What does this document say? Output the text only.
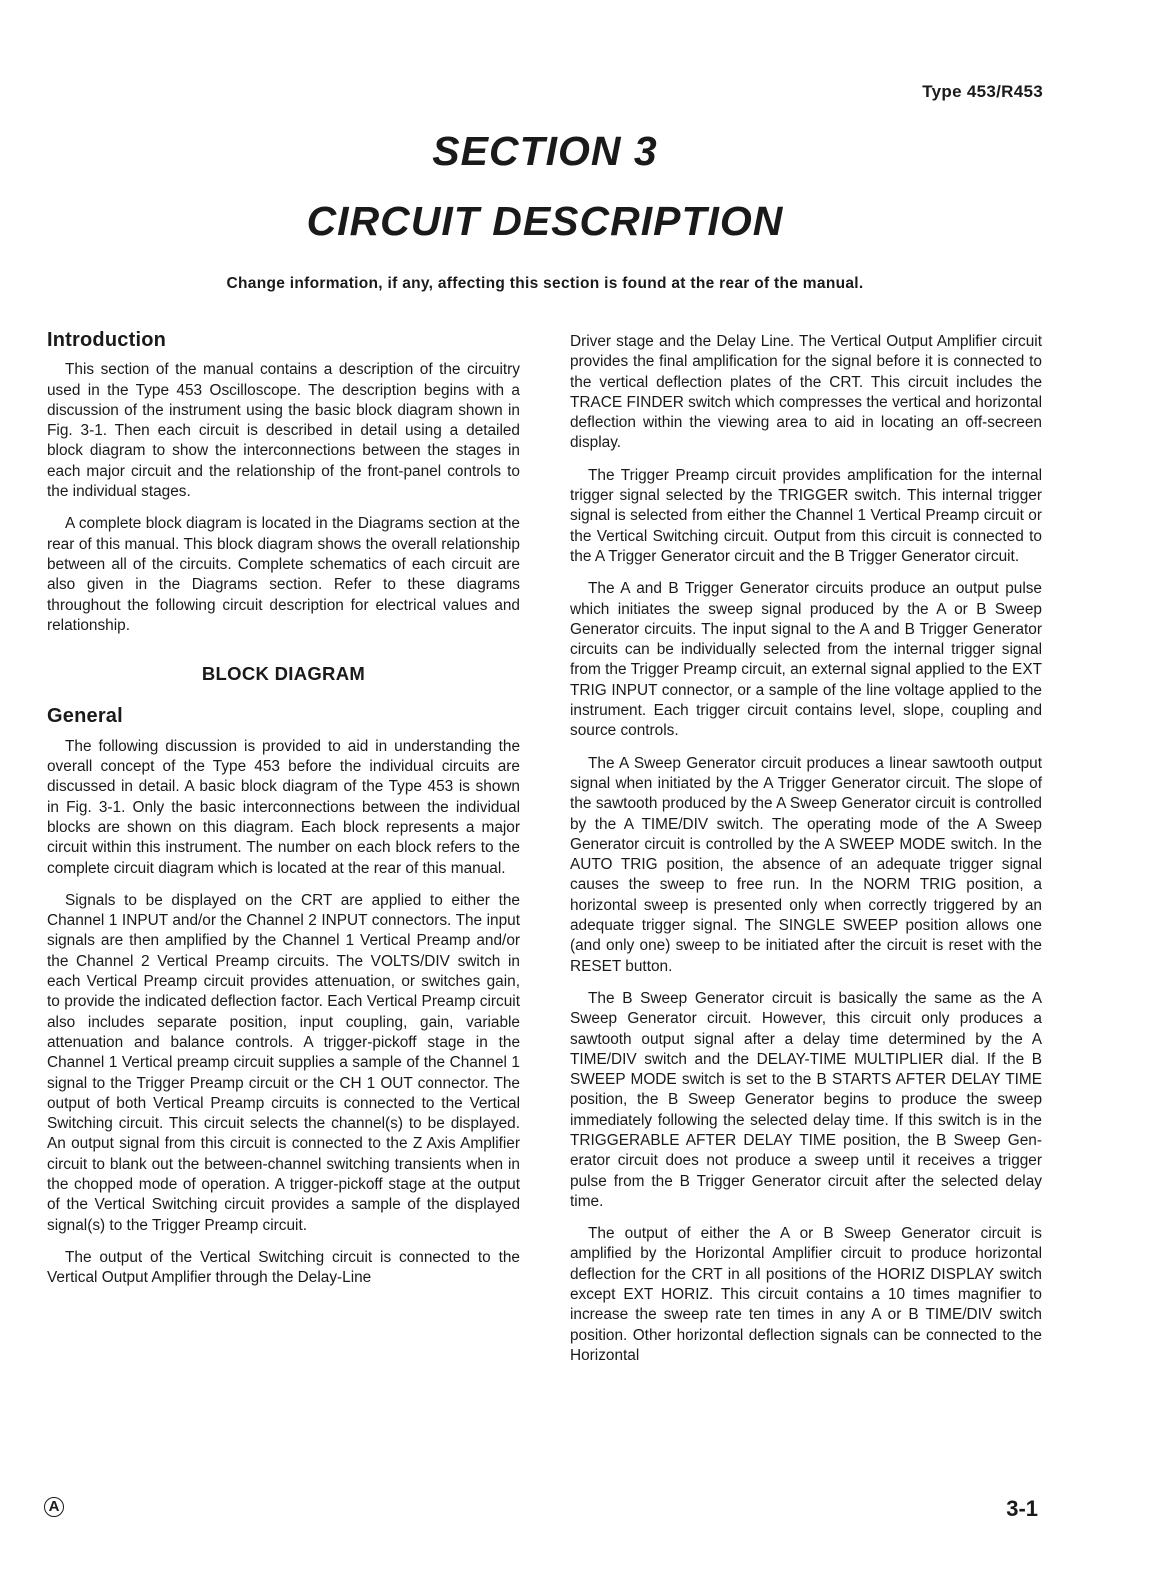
Type 453/R453
SECTION 3
CIRCUIT DESCRIPTION

Change information, if any, affecting this section is found at the rear of the manual.

Introduction

This section of the manual contains a description of the circuitry used in the Type 453 Oscilloscope. The description begins with a discussion of the instrument using the basic block diagram shown in Fig. 3-1. Then each circuit is described in detail using a detailed block diagram to show the interconnections between the stages in each major circuit and the relationship of the front-panel controls to the individual stages.

A complete block diagram is located in the Diagrams section at the rear of this manual. This block diagram shows the overall relationship between all of the circuits. Complete schematics of each circuit are also given in the Diagrams section. Refer to these diagrams throughout the following circuit description for electrical values and relationship.

BLOCK DIAGRAM
General

The following discussion is provided to aid in understanding the overall concept of the Type 453 before the individual circuits are discussed in detail. A basic block diagram of the Type 453 is shown in Fig. 3-1. Only the basic interconnections between the individual blocks are shown on this diagram. Each block represents a major circuit within this instrument. The number on each block refers to the complete circuit diagram which is located at the rear of this manual.

Signals to be displayed on the CRT are applied to either the Channel 1 INPUT and/or the Channel 2 INPUT connectors. The input signals are then amplified by the Channel 1 Vertical Preamp and/or the Channel 2 Vertical Preamp circuits. The VOLTS/DIV switch in each Vertical Preamp circuit provides attenuation, or switches gain, to provide the indicated deflection factor. Each Vertical Preamp circuit also includes separate position, input coupling, gain, variable attenuation and balance controls. A trigger-pickoff stage in the Channel 1 Vertical preamp circuit supplies a sample of the Channel 1 signal to the Trigger Preamp circuit or the CH 1 OUT connector. The output of both Vertical Preamp circuits is connected to the Vertical Switching circuit. This circuit selects the channel(s) to be displayed. An output signal from this circuit is connected to the Z Axis Amplifier circuit to blank out the between-channel switching transients when in the chopped mode of operation. A trigger-pickoff stage at the output of the Vertical Switching circuit provides a sample of the displayed signal(s) to the Trigger Preamp circuit.

The output of the Vertical Switching circuit is connected to the Vertical Output Amplifier through the Delay-Line

Driver stage and the Delay Line. The Vertical Output Amplifier circuit provides the final amplification for the signal before it is connected to the vertical deflection plates of the CRT. This circuit includes the TRACE FINDER switch which compresses the vertical and horizontal deflection within the viewing area to aid in locating an off-secreen display.

The Trigger Preamp circuit provides amplification for the internal trigger signal selected by the TRIGGER switch. This internal trigger signal is selected from either the Channel 1 Vertical Preamp circuit or the Vertical Switching circuit. Output from this circuit is connected to the A Trigger Generator circuit and the B Trigger Generator circuit.

The A and B Trigger Generator circuits produce an output pulse which initiates the sweep signal produced by the A or B Sweep Generator circuits. The input signal to the A and B Trigger Generator circuits can be individually selected from the internal trigger signal from the Trigger Preamp circuit, an external signal applied to the EXT TRIG INPUT connector, or a sample of the line voltage applied to the instrument. Each trigger circuit contains level, slope, coupling and source controls.

The A Sweep Generator circuit produces a linear sawtooth output signal when initiated by the A Trigger Generator circuit. The slope of the sawtooth produced by the A Sweep Generator circuit is controlled by the A TIME/DIV switch. The operating mode of the A Sweep Generator circuit is controlled by the A SWEEP MODE switch. In the AUTO TRIG position, the absence of an adequate trigger signal causes the sweep to free run. In the NORM TRIG position, a horizontal sweep is presented only when correctly triggered by an adequate trigger signal. The SINGLE SWEEP position allows one (and only one) sweep to be initiated after the circuit is reset with the RESET button.

The B Sweep Generator circuit is basically the same as the A Sweep Generator circuit. However, this circuit only produces a sawtooth output signal after a delay time determined by the A TIME/DIV switch and the DELAY-TIME MULTIPLIER dial. If the B SWEEP MODE switch is set to the B STARTS AFTER DELAY TIME position, the B Sweep Generator begins to produce the sweep immediately following the selected delay time. If this switch is in the TRIGGERABLE AFTER DELAY TIME position, the B Sweep Generator circuit does not produce a sweep until it receives a trigger pulse from the B Trigger Generator circuit after the selected delay time.

The output of either the A or B Sweep Generator circuit is amplified by the Horizontal Amplifier circuit to produce horizontal deflection for the CRT in all positions of the HORIZ DISPLAY switch except EXT HORIZ. This circuit contains a 10 times magnifier to increase the sweep rate ten times in any A or B TIME/DIV switch position. Other horizontal deflection signals can be connected to the Horizontal

A	3-1
